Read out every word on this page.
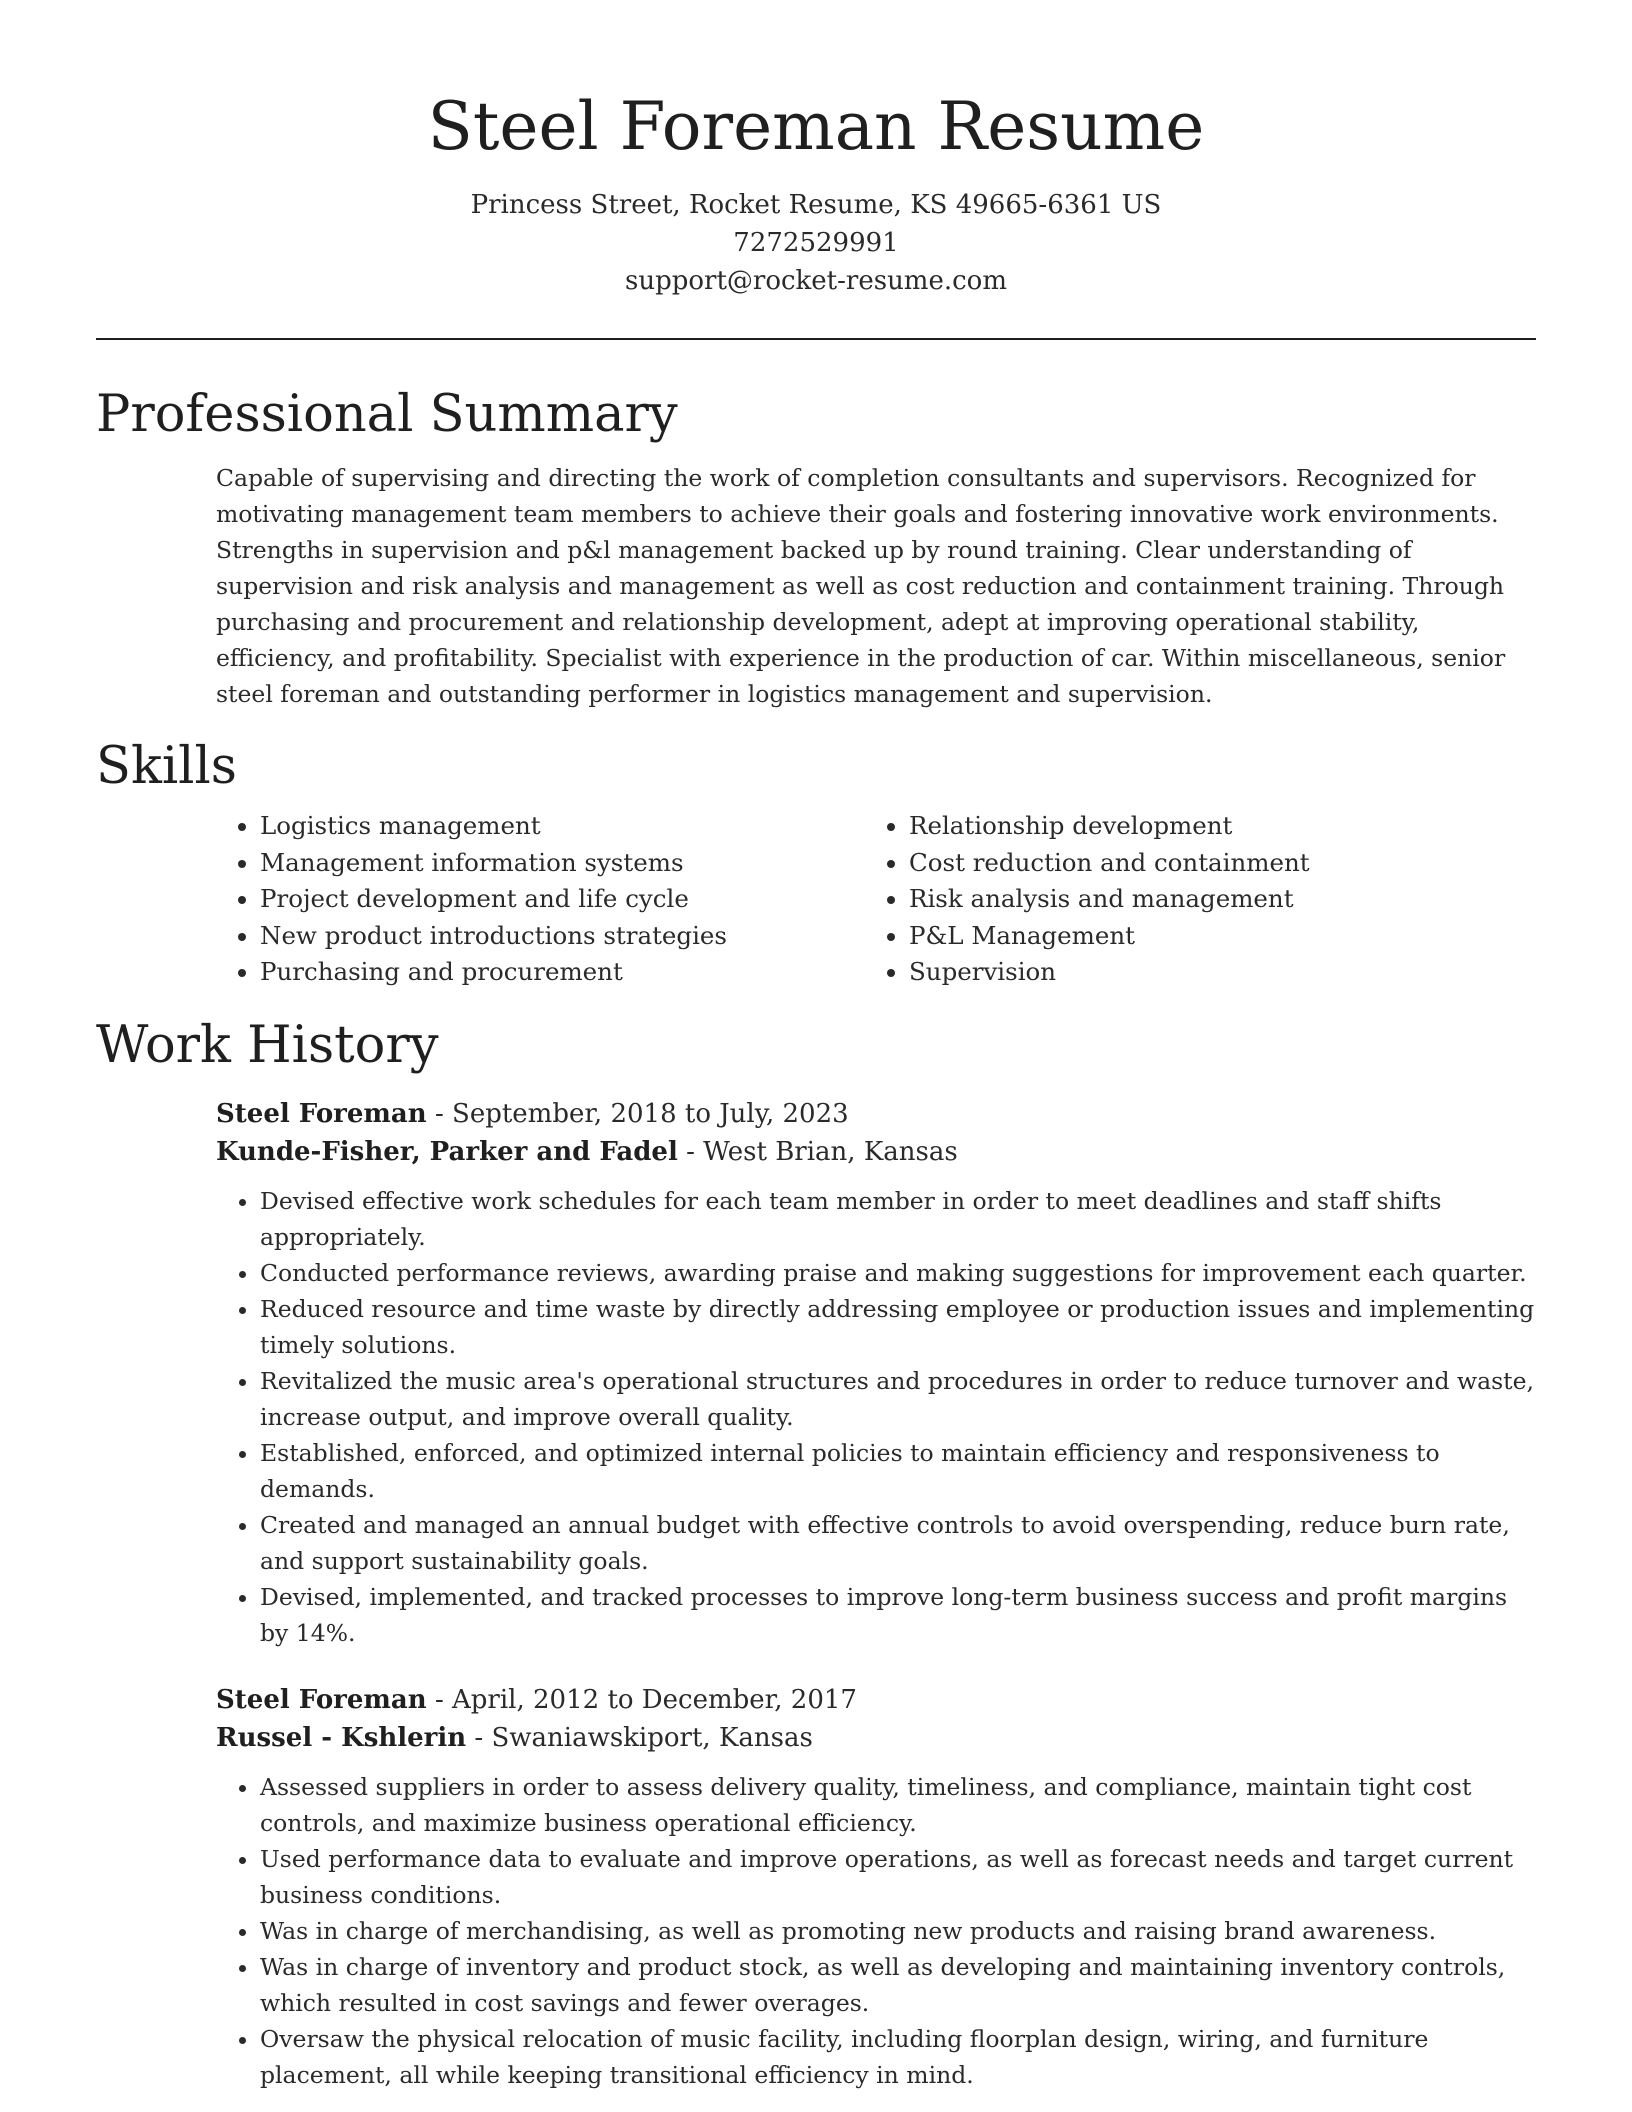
Steel Foreman Resume
Princess Street, Rocket Resume, KS 49665-6361 US
7272529991
support@rocket-resume.com
Professional Summary

Capable of supervising and directing the work of completion consultants and supervisors. Recognized for motivating management team members to achieve their goals and fostering innovative work environments. Strengths in supervision and p&l management backed up by round training. Clear understanding of supervision and risk analysis and management as well as cost reduction and containment training. Through purchasing and procurement and relationship development, adept at improving operational stability, efficiency, and profitability. Specialist with experience in the production of car. Within miscellaneous, senior steel foreman and outstanding performer in logistics management and supervision.

Skills
• Logistics management
• Management information systems
• Project development and life cycle
• New product introductions strategies
• Purchasing and procurement
• Relationship development
• Cost reduction and containment
• Risk analysis and management
• P&L Management
• Supervision
Work History
Steel Foreman - September, 2018 to July, 2023
Kunde-Fisher, Parker and Fadel - West Brian, Kansas
• Devised effective work schedules for each team member in order to meet deadlines and staff shifts appropriately.
• Conducted performance reviews, awarding praise and making suggestions for improvement each quarter.
• Reduced resource and time waste by directly addressing employee or production issues and implementing timely solutions.
• Revitalized the music area's operational structures and procedures in order to reduce turnover and waste, increase output, and improve overall quality.
• Established, enforced, and optimized internal policies to maintain efficiency and responsiveness to demands.
• Created and managed an annual budget with effective controls to avoid overspending, reduce burn rate, and support sustainability goals.
• Devised, implemented, and tracked processes to improve long-term business success and profit margins by 14%.
Steel Foreman - April, 2012 to December, 2017
Russel - Kshlerin - Swaniawskiport, Kansas
• Assessed suppliers in order to assess delivery quality, timeliness, and compliance, maintain tight cost controls, and maximize business operational efficiency.
• Used performance data to evaluate and improve operations, as well as forecast needs and target current business conditions.
• Was in charge of merchandising, as well as promoting new products and raising brand awareness.
• Was in charge of inventory and product stock, as well as developing and maintaining inventory controls, which resulted in cost savings and fewer overages.
• Oversaw the physical relocation of music facility, including floorplan design, wiring, and furniture placement, all while keeping transitional efficiency in mind.
